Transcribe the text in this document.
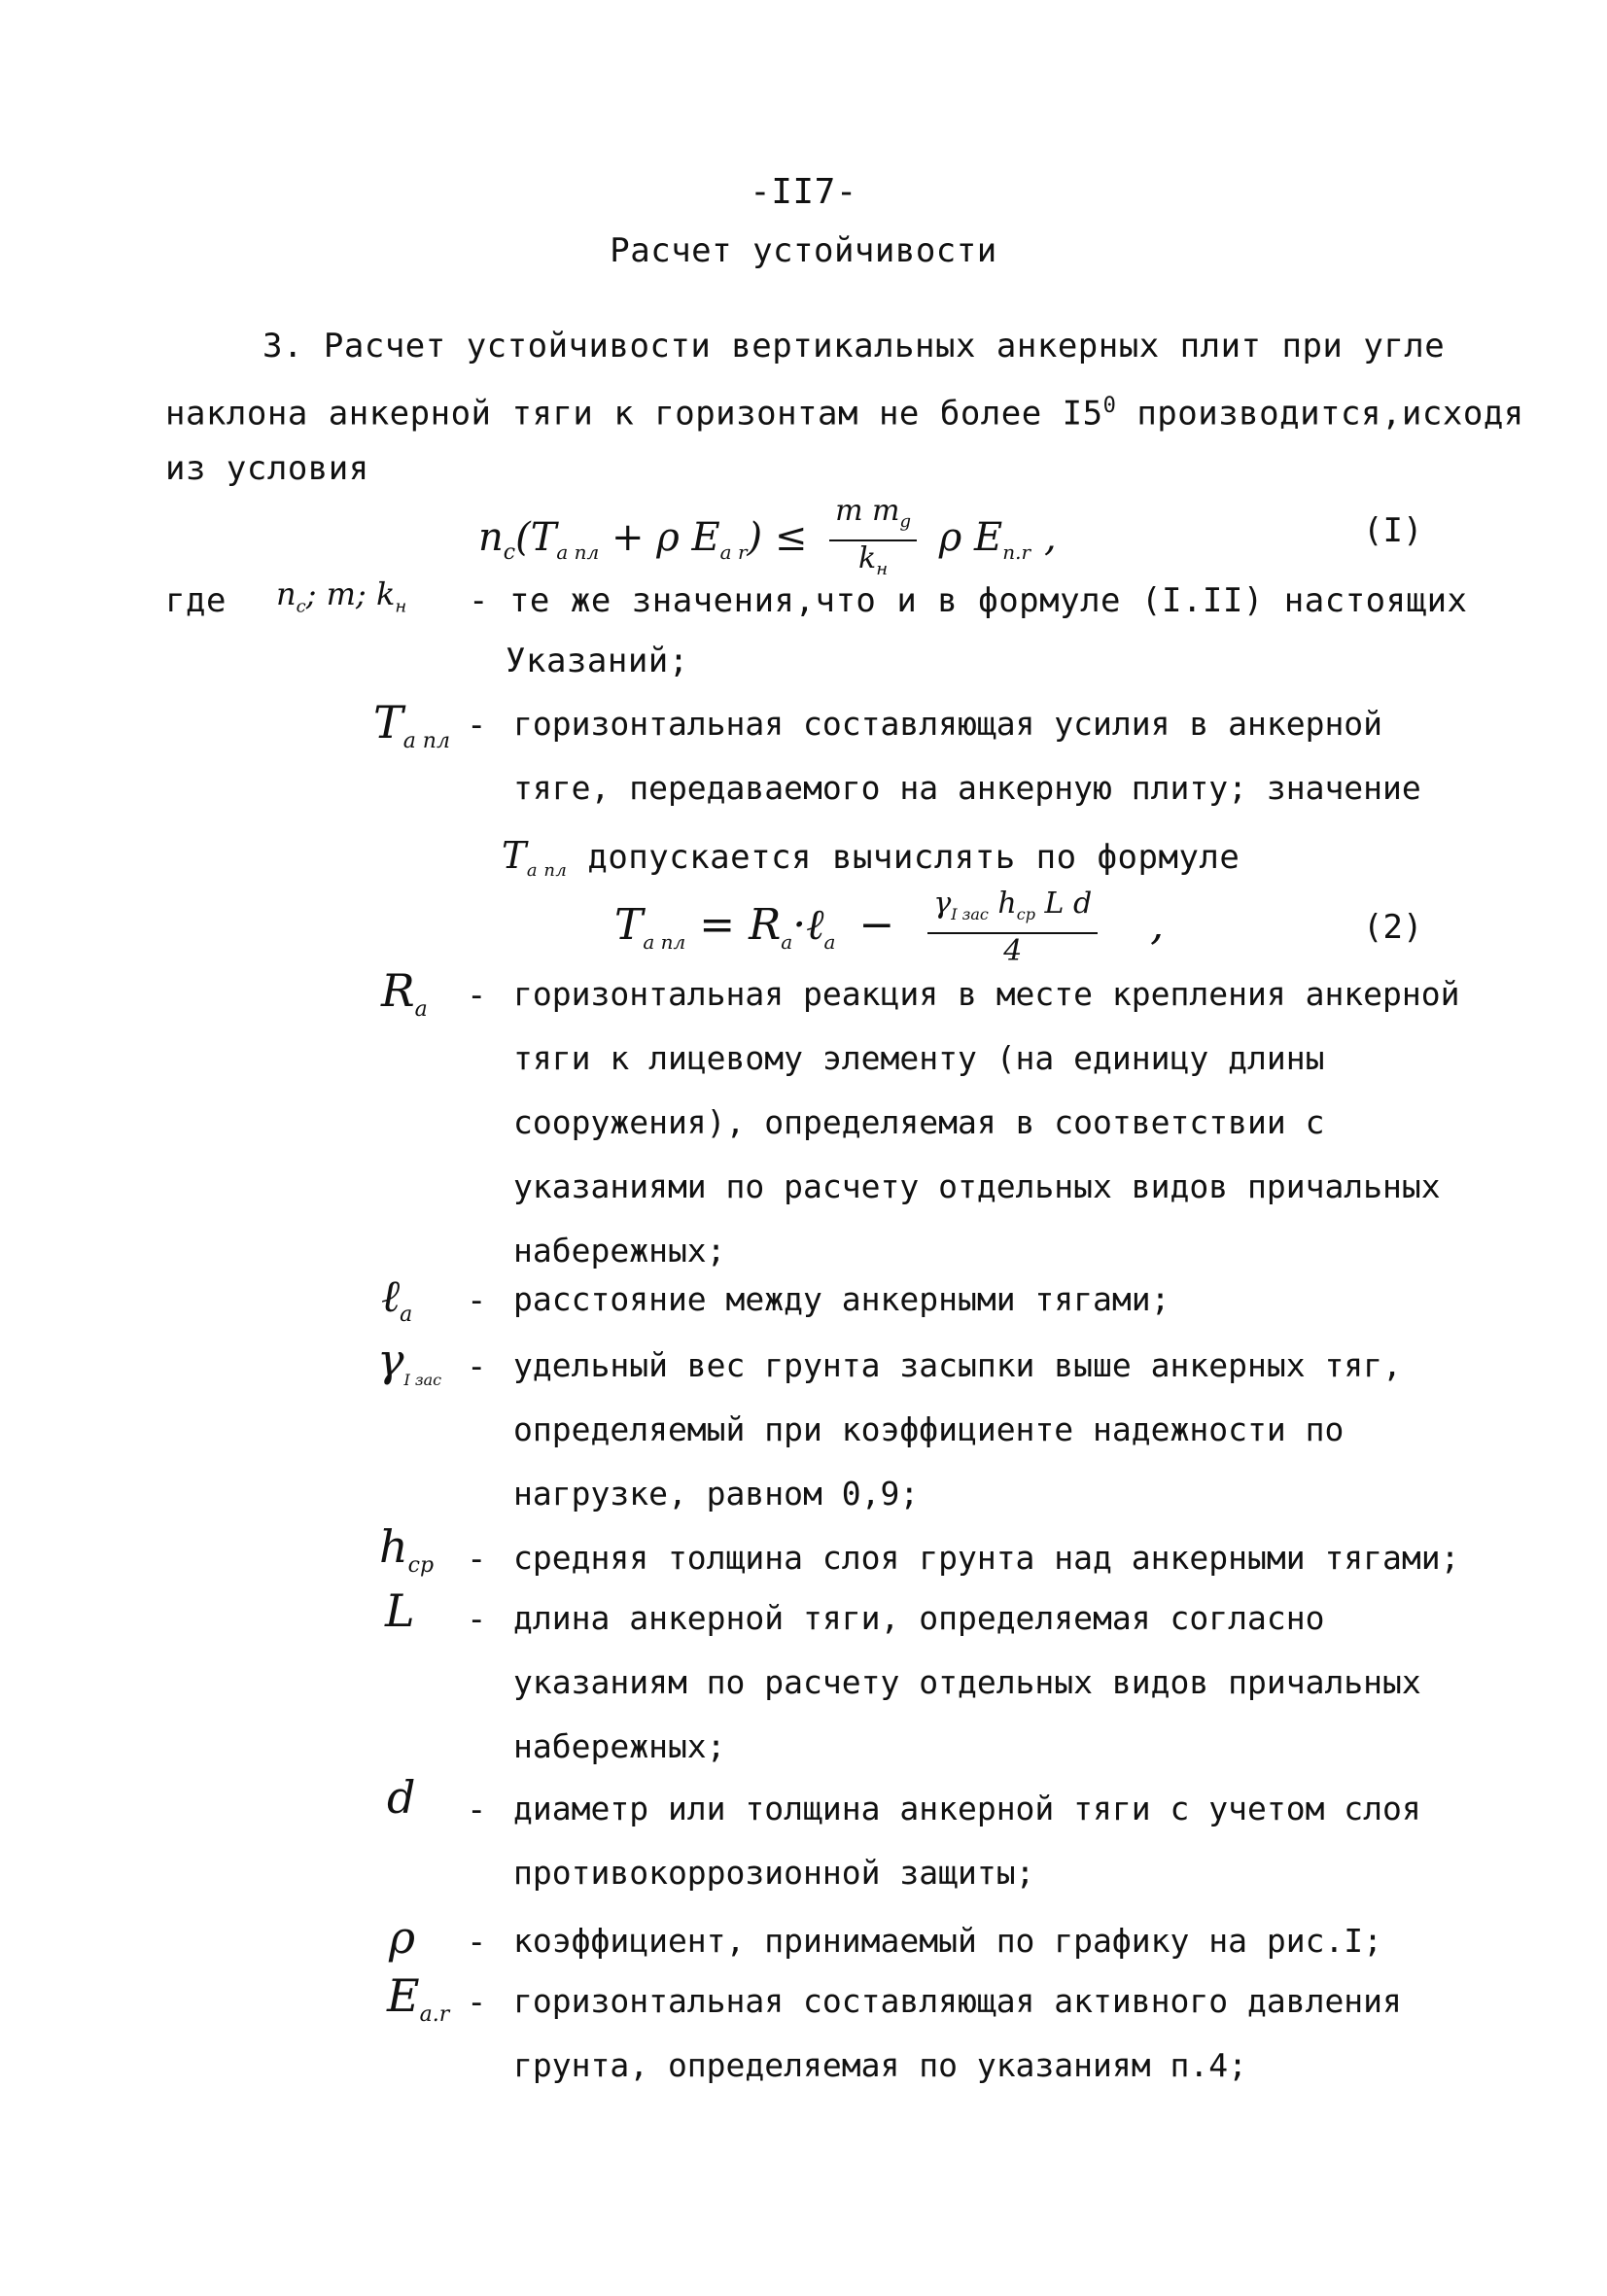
-II7-
Расчет устойчивости
3. Расчет устойчивости вертикальных анкерных плит при угле
наклона анкерной тяги к горизонтам не более $I5^0$ производится,исходя
из условия
$n_c(T_{a пл} + \rho$ $E_{a r}) \le \frac{m m_g}{k_н}$ ρ $E_{п.r}$ ,	(I)
где $n_c$; m; $k_н$ - те же значения,что и в формуле (I.II) настоящих
Указаний;
$T_{a пл}$ - горизонтальная составляющая усилия в анкерной тяге, передаваемого на анкерную плиту; значение
$T_{a пл}$ допускается вычислять по формуле
$T_{a пл}$ = $R_a\cdot\ell_a - \frac{\gamma_{I зас} h_{ср} L d}{4}$ ,	(2)
$R_a$ - горизонтальная реакция в месте крепления анкерной тяги к лицевому элементу (на единицу длины сооружения), определяемая в соответствии с указаниями по расчету отдельных видов причальных набережных;
ℓ$_a$ - расстояние между анкерными тягами;
$\gamma_{I зас}$ - удельный вес грунта засыпки выше анкерных тяг, определяемый при коэффициенте надежности по нагрузке, равном 0,9;
$h_{ср}$ - средняя толщина слоя грунта над анкерными тягами;
L - длина анкерной тяги, определяемая согласно указаниям по расчету отдельных видов причальных набережных;
d - диаметр или толщина анкерной тяги с учетом слоя противокоррозионной защиты;
ρ - коэффициент, принимаемый по графику на рис.I;
$E_{a.r}$ - горизонтальная составляющая активного давления грунта, определяемая по указаниям п.4;
